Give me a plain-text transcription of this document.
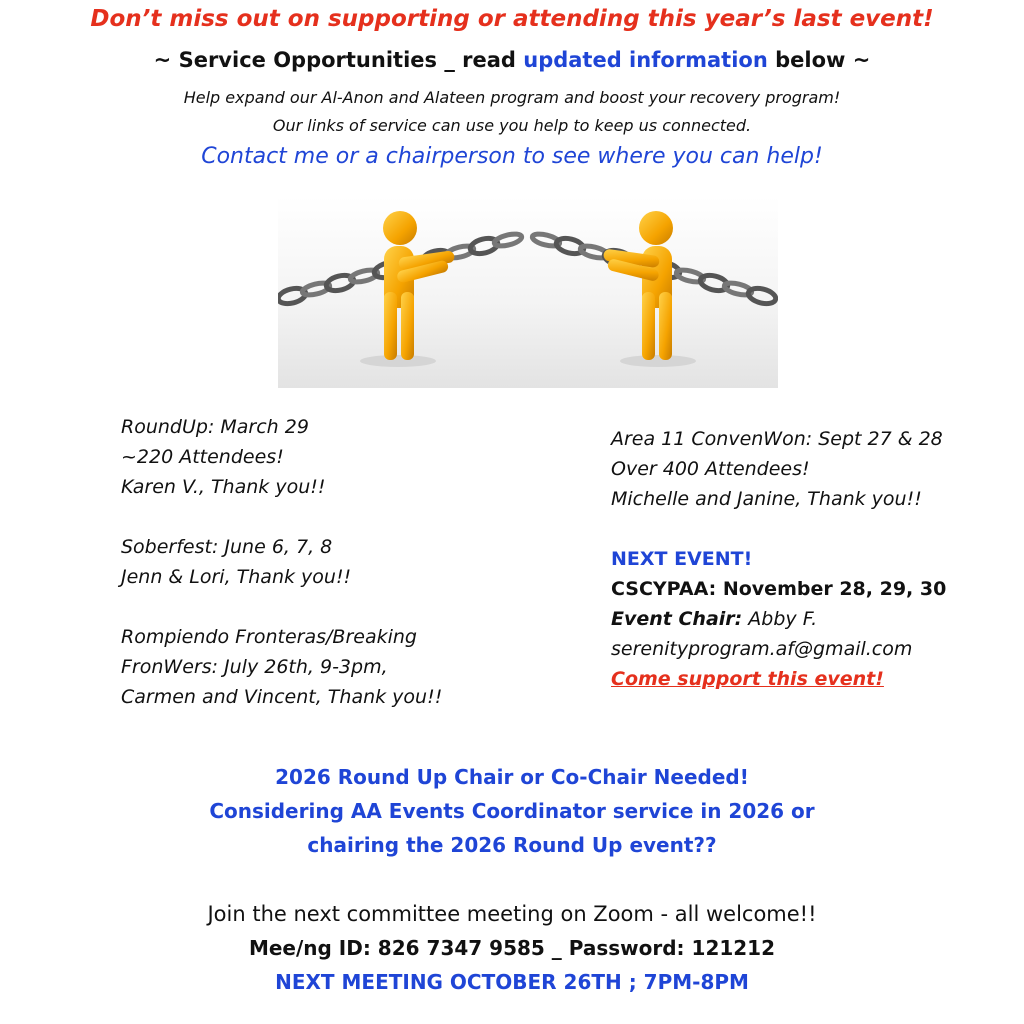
Don’t miss out on supporting or attending this year’s last event!
~ Service Opportunities _ read updated information below ~
Help expand our Al-Anon and Alateen program and boost your recovery program!
Our links of service can use you help to keep us connected.
Contact me or a chairperson to see where you can help!
RoundUp: March 29
~220 Attendees!
Karen V., Thank you!!
Soberfest: June 6, 7, 8
Jenn & Lori, Thank you!!
Rompiendo Fronteras/Breaking
FronWers: July 26th, 9-3pm,
Carmen and Vincent, Thank you!!
Area 11 ConvenWon: Sept 27 & 28
Over 400 Attendees!
Michelle and Janine, Thank you!!
NEXT EVENT!
CSCYPAA: November 28, 29, 30
Event Chair: Abby F.
serenityprogram.af@gmail.com
Come support this event!
2026 Round Up Chair or Co-Chair Needed!
Considering AA Events Coordinator service in 2026 or
chairing the 2026 Round Up event??
Join the next committee meeting on Zoom - all welcome!!
Mee/ng ID: 826 7347 9585 _ Password: 121212
NEXT MEETING OCTOBER 26TH ; 7PM-8PM
